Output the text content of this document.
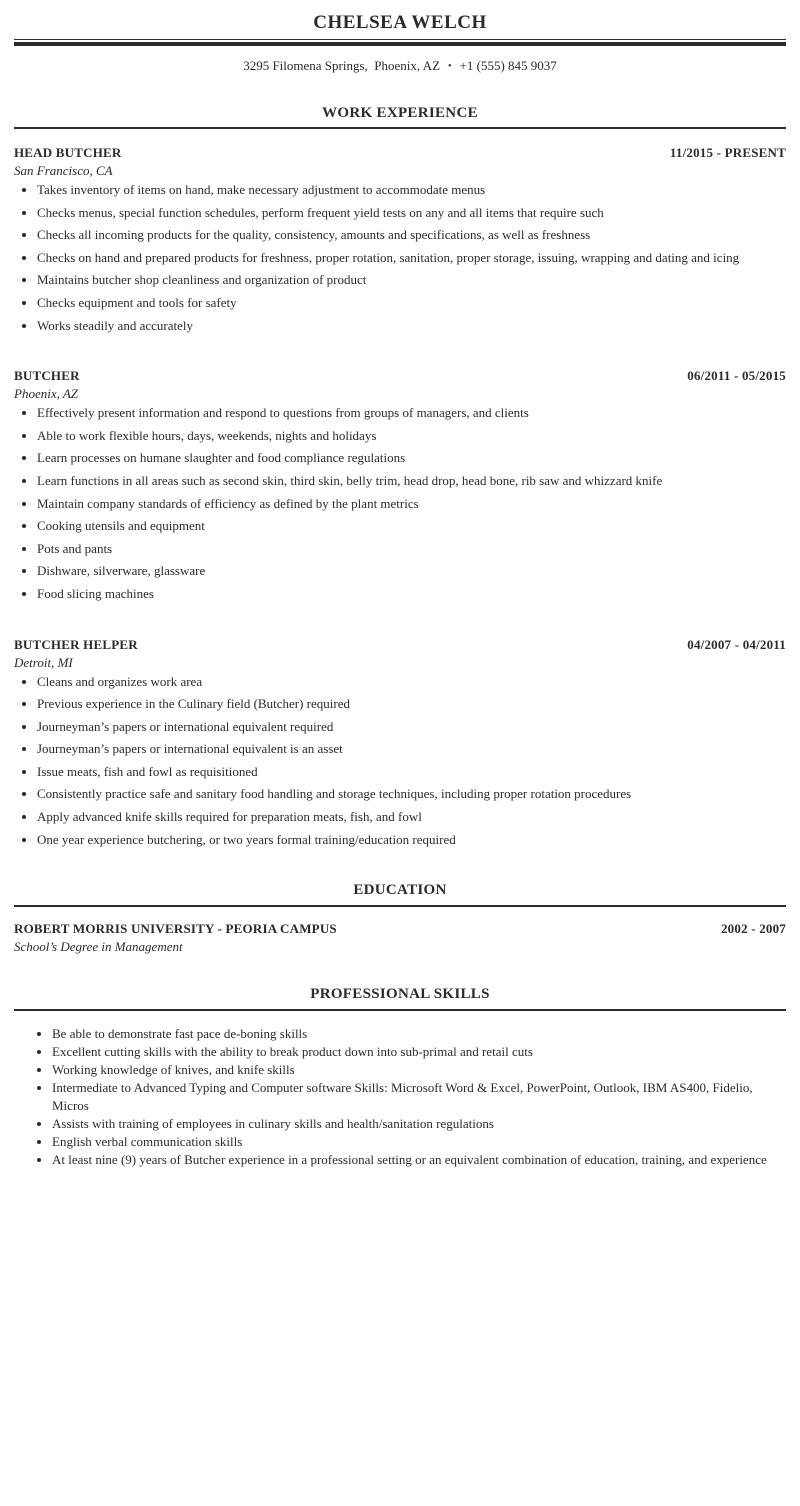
CHELSEA WELCH
3295 Filomena Springs,  Phoenix, AZ • +1 (555) 845 9037
WORK EXPERIENCE
HEAD BUTCHER	11/2015 - PRESENT
San Francisco, CA
• Takes inventory of items on hand, make necessary adjustment to accommodate menus
• Checks menus, special function schedules, perform frequent yield tests on any and all items that require such
• Checks all incoming products for the quality, consistency, amounts and specifications, as well as freshness
• Checks on hand and prepared products for freshness, proper rotation, sanitation, proper storage, issuing, wrapping and dating and icing
• Maintains butcher shop cleanliness and organization of product
• Checks equipment and tools for safety
• Works steadily and accurately
BUTCHER	06/2011 - 05/2015
Phoenix, AZ
• Effectively present information and respond to questions from groups of managers, and clients
• Able to work flexible hours, days, weekends, nights and holidays
• Learn processes on humane slaughter and food compliance regulations
• Learn functions in all areas such as second skin, third skin, belly trim, head drop, head bone, rib saw and whizzard knife
• Maintain company standards of efficiency as defined by the plant metrics
• Cooking utensils and equipment
• Pots and pants
• Dishware, silverware, glassware
• Food slicing machines
BUTCHER HELPER	04/2007 - 04/2011
Detroit, MI
• Cleans and organizes work area
• Previous experience in the Culinary field (Butcher) required
• Journeyman’s papers or international equivalent required
• Journeyman’s papers or international equivalent is an asset
• Issue meats, fish and fowl as requisitioned
• Consistently practice safe and sanitary food handling and storage techniques, including proper rotation procedures
• Apply advanced knife skills required for preparation meats, fish, and fowl
• One year experience butchering, or two years formal training/education required
EDUCATION
ROBERT MORRIS UNIVERSITY - PEORIA CAMPUS	2002 - 2007
School’s Degree in Management
PROFESSIONAL SKILLS
• Be able to demonstrate fast pace de-boning skills
• Excellent cutting skills with the ability to break product down into sub-primal and retail cuts
• Working knowledge of knives, and knife skills
• Intermediate to Advanced Typing and Computer software Skills: Microsoft Word & Excel, PowerPoint, Outlook, IBM AS400, Fidelio, Micros
• Assists with training of employees in culinary skills and health/sanitation regulations
• English verbal communication skills
• At least nine (9) years of Butcher experience in a professional setting or an equivalent combination of education, training, and experience
